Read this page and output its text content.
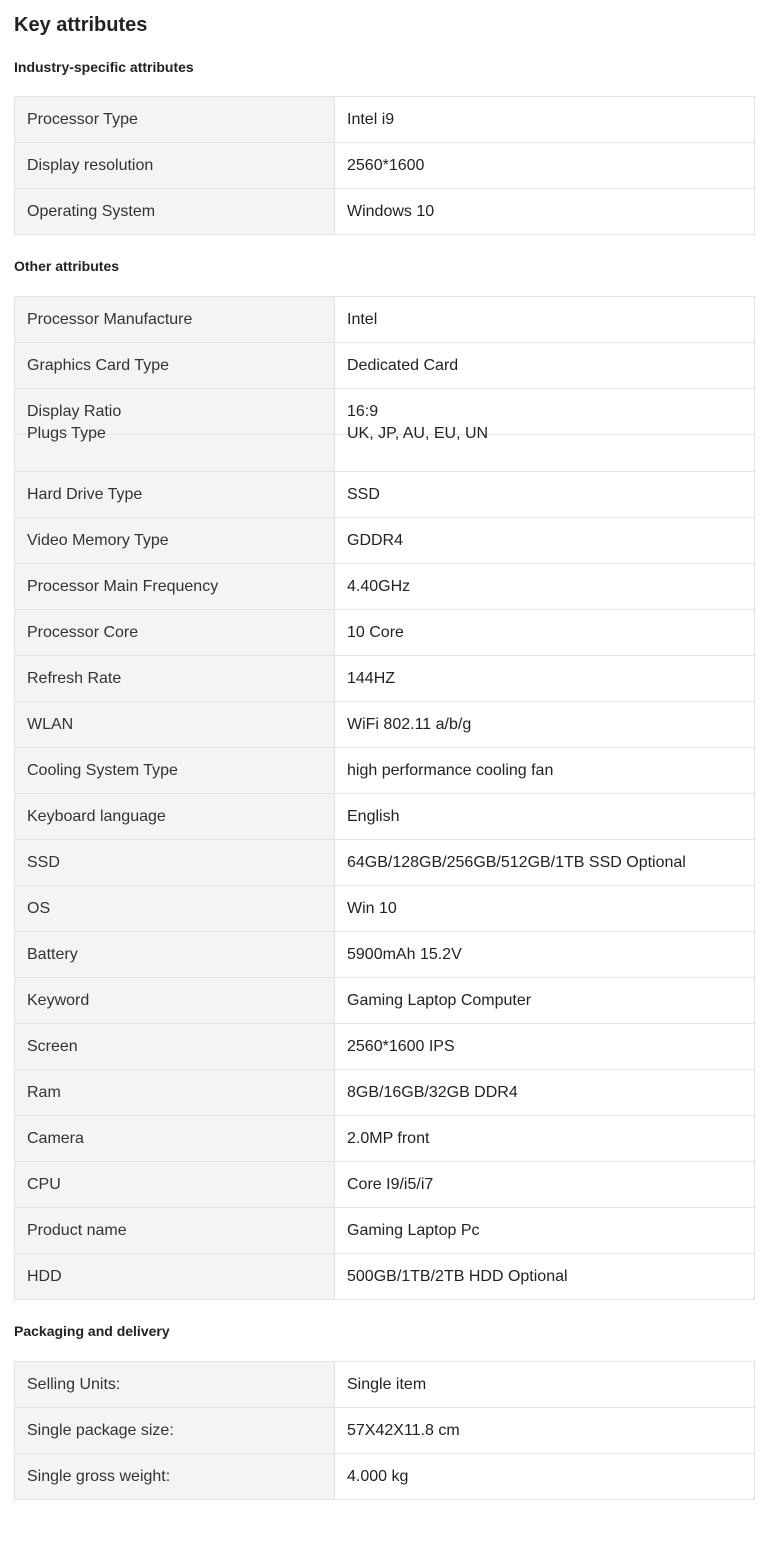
Key attributes
Industry-specific attributes
Processor Type	Intel i9
Display resolution	2560*1600
Operating System	Windows 10
Other attributes
Processor Manufacture	Intel
Graphics Card Type	Dedicated Card
Display Ratio	16:9
Plugs Type	UK, JP, AU, EU, UN
Hard Drive Type	SSD
Video Memory Type	GDDR4
Processor Main Frequency	4.40GHz
Processor Core	10 Core
Refresh Rate	144HZ
WLAN	WiFi 802.11 a/b/g
Cooling System Type	high performance cooling fan
Keyboard language	English
SSD	64GB/128GB/256GB/512GB/1TB SSD Optional
OS	Win 10
Battery	5900mAh 15.2V
Keyword	Gaming Laptop Computer
Screen	2560*1600 IPS
Ram	8GB/16GB/32GB DDR4
Camera	2.0MP front
CPU	Core I9/i5/i7
Product name	Gaming Laptop Pc
HDD	500GB/1TB/2TB HDD Optional
Packaging and delivery
Selling Units:	Single item
Single package size:	57X42X11.8 cm
Single gross weight:	4.000 kg
